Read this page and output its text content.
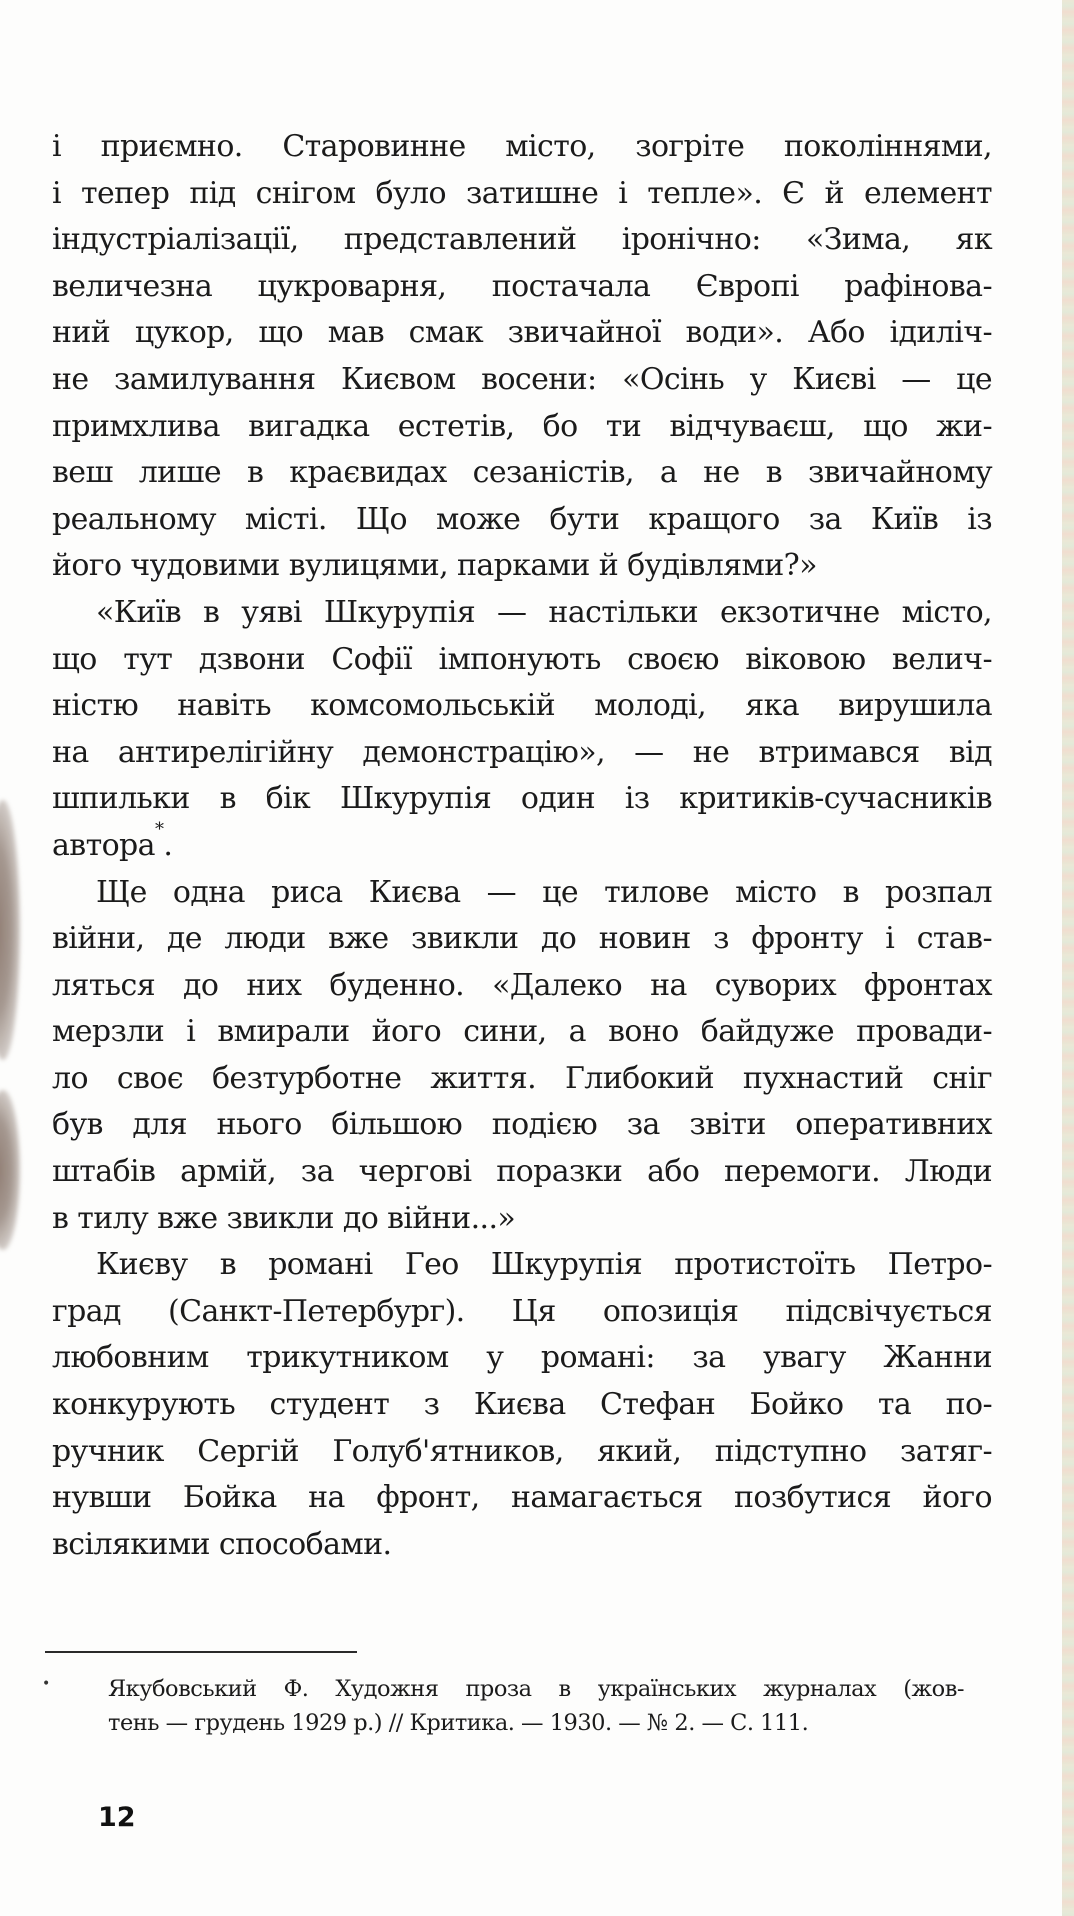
і приємно. Старовинне місто, зогріте поколіннями,
і тепер під снігом було затишне і тепле». Є й елемент
індустріалізації, представлений іронічно: «Зима, як
величезна цукроварня, постачала Європі рафінова-
ний цукор, що мав смак звичайної води». Або ідиліч-
не замилування Києвом восени: «Осінь у Києві — це
примхлива вигадка естетів, бо ти відчуваєш, що жи-
веш лише в краєвидах сезаністів, а не в звичайному
реальному місті. Що може бути кращого за Київ із
його чудовими вулицями, парками й будівлями?»
«Київ в уяві Шкурупія — настільки екзотичне місто,
що тут дзвони Софії імпонують своєю віковою велич-
ністю навіть комсомольській молоді, яка вирушила
на антирелігійну демонстрацію», — не втримався від
шпильки в бік Шкурупія один із критиків-сучасників
автора*.
Ще одна риса Києва — це тилове місто в розпал
війни, де люди вже звикли до новин з фронту і став-
ляться до них буденно. «Далеко на суворих фронтах
мерзли і вмирали його сини, а воно байдуже провади-
ло своє безтурботне життя. Глибокий пухнастий сніг
був для нього більшою подією за звіти оперативних
штабів армій, за чергові поразки або перемоги. Люди
в тилу вже звикли до війни...»
Києву в романі Гео Шкурупія протистоїть Петро-
град (Санкт-Петербург). Ця опозиція підсвічується
любовним трикутником у романі: за увагу Жанни
конкурують студент з Києва Стефан Бойко та по-
ручник Сергій Голуб'ятников, який, підступно затяг-
нувши Бойка на фронт, намагається позбутися його
всілякими способами.
•	Якубовський Ф. Художня проза в українських журналах (жов-
тень — грудень 1929 р.) // Критика. — 1930. — № 2. — С. 111.
12
